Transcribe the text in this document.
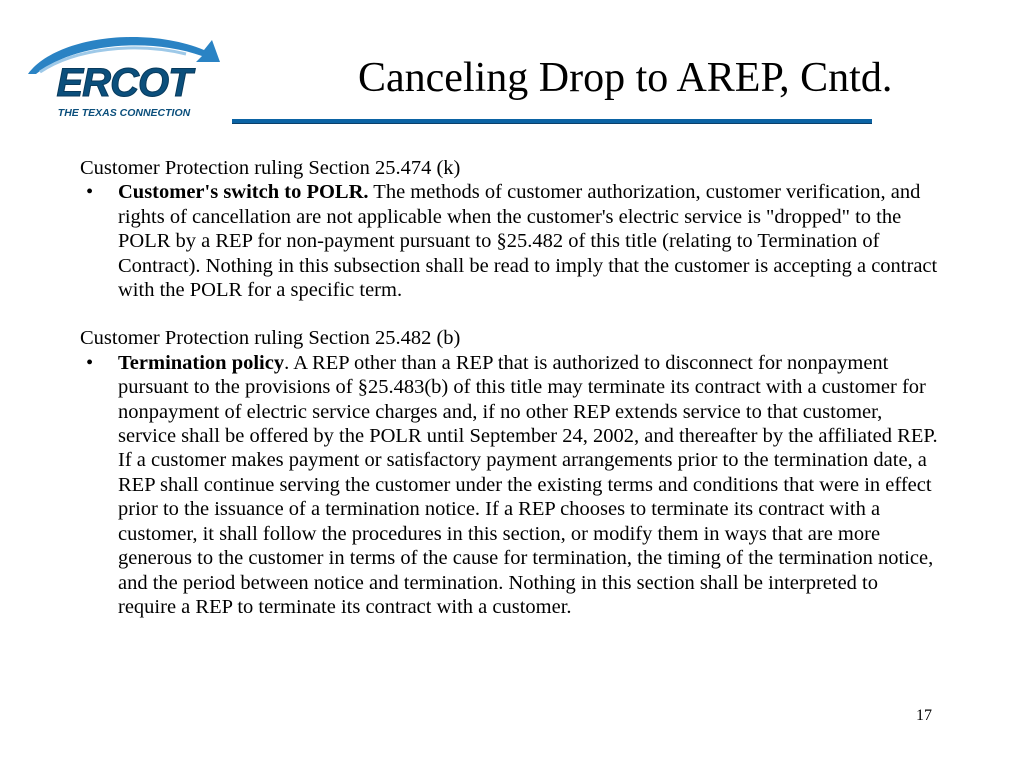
ERCOT
THE TEXAS CONNECTION
Canceling Drop to AREP, Cntd.

Customer Protection ruling Section 25.474 (k)

• Customer's switch to POLR. The methods of customer authorization, customer verification, and rights of cancellation are not applicable when the customer's electric service is "dropped" to the POLR by a REP for non-payment pursuant to §25.482 of this title (relating to Termination of Contract). Nothing in this subsection shall be read to imply that the customer is accepting a contract with the POLR for a specific term.

Customer Protection ruling Section 25.482 (b)

• Termination policy. A REP other than a REP that is authorized to disconnect for nonpayment pursuant to the provisions of §25.483(b) of this title may terminate its contract with a customer for nonpayment of electric service charges and, if no other REP extends service to that customer, service shall be offered by the POLR until September 24, 2002, and thereafter by the affiliated REP. If a customer makes payment or satisfactory payment arrangements prior to the termination date, a REP shall continue serving the customer under the existing terms and conditions that were in effect prior to the issuance of a termination notice. If a REP chooses to terminate its contract with a customer, it shall follow the procedures in this section, or modify them in ways that are more generous to the customer in terms of the cause for termination, the timing of the termination notice, and the period between notice and termination. Nothing in this section shall be interpreted to require a REP to terminate its contract with a customer.

17
